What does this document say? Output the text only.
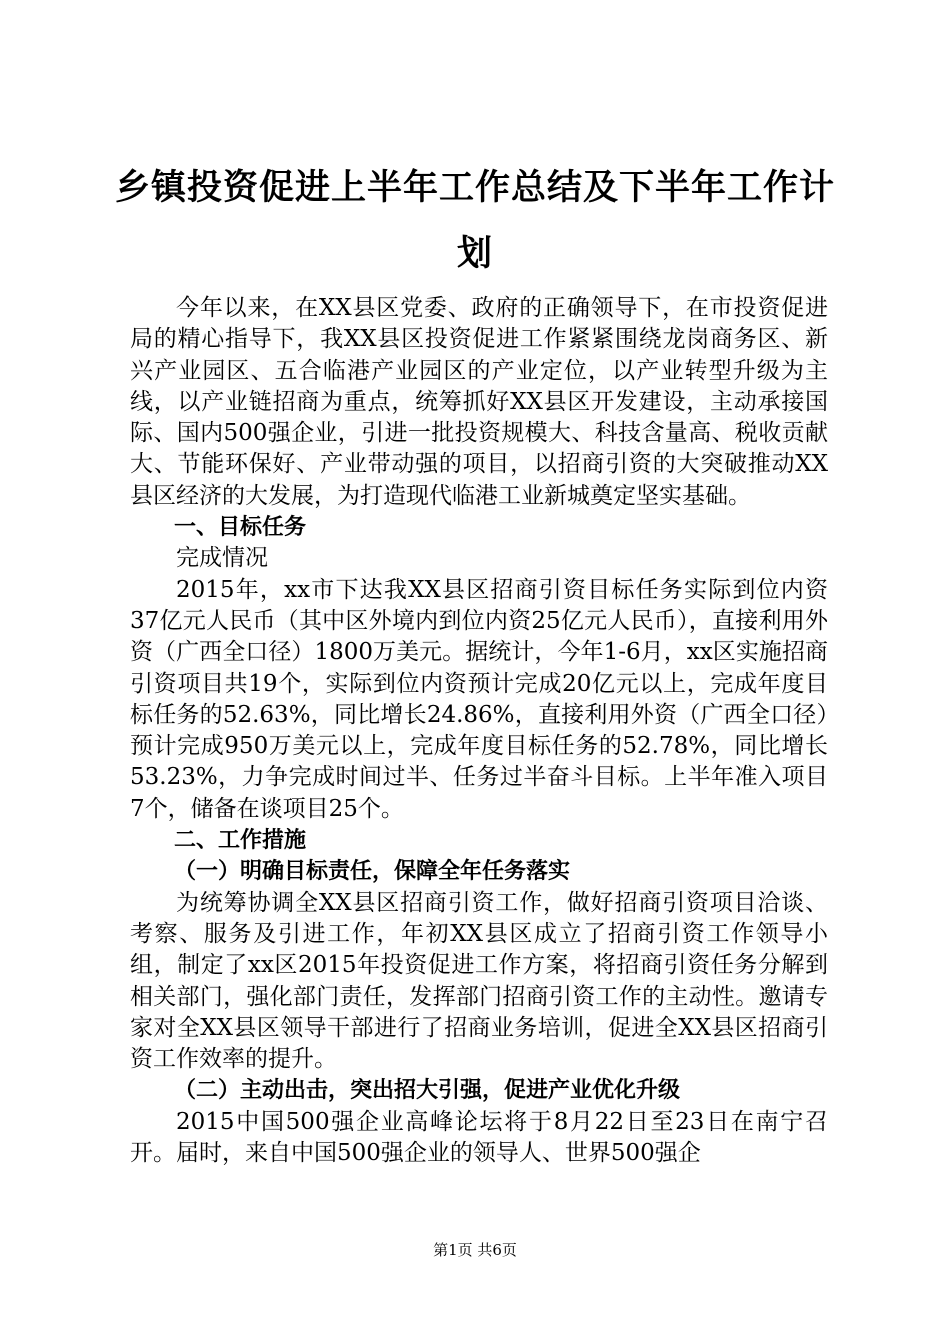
乡镇投资促进上半年工作总结及下半年工作计划

今年以来，在XX县区党委、政府的正确领导下，在市投资促进局的精心指导下，我XX县区投资促进工作紧紧围绕龙岗商务区、新兴产业园区、五合临港产业园区的产业定位，以产业转型升级为主线，以产业链招商为重点，统筹抓好XX县区开发建设，主动承接国际、国内500强企业，引进一批投资规模大、科技含量高、税收贡献大、节能环保好、产业带动强的项目，以招商引资的大突破推动XX县区经济的大发展，为打造现代临港工业新城奠定坚实基础。

一、目标任务

完成情况

2015年，xx市下达我XX县区招商引资目标任务实际到位内资37亿元人民币（其中区外境内到位内资25亿元人民币），直接利用外资（广西全口径）1800万美元。据统计，今年1-6月，xx区实施招商引资项目共19个，实际到位内资预计完成20亿元以上，完成年度目标任务的52.63%，同比增长24.86%，直接利用外资（广西全口径）预计完成950万美元以上，完成年度目标任务的52.78%，同比增长53.23%，力争完成时间过半、任务过半奋斗目标。上半年准入项目7个，储备在谈项目25个。

二、工作措施

（一）明确目标责任，保障全年任务落实

为统筹协调全XX县区招商引资工作，做好招商引资项目洽谈、考察、服务及引进工作，年初XX县区成立了招商引资工作领导小组，制定了xx区2015年投资促进工作方案，将招商引资任务分解到相关部门，强化部门责任，发挥部门招商引资工作的主动性。邀请专家对全XX县区领导干部进行了招商业务培训，促进全XX县区招商引资工作效率的提升。

（二）主动出击，突出招大引强，促进产业优化升级

2015中国500强企业高峰论坛将于8月22日至23日在南宁召开。届时，来自中国500强企业的领导人、世界500强企

第1页 共6页
